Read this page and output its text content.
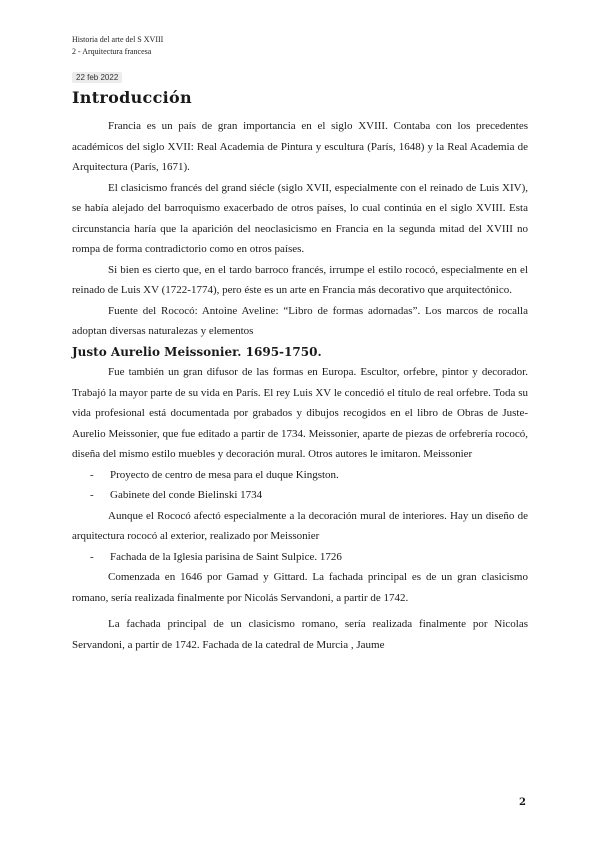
Historia del arte del S XVIII
2 - Arquitectura francesa
22 feb 2022
Introducción

Francia es un país de gran importancia en el siglo XVIII. Contaba con los precedentes académicos del siglo XVII: Real Academia de Pintura y escultura (París, 1648) y la Real Academia de Arquitectura (París, 1671).

El clasicismo francés del grand siécle (siglo XVII, especialmente con el reinado de Luis XIV), se había alejado del barroquismo exacerbado de otros países, lo cual continúa en el siglo XVIII. Esta circunstancia haría que la aparición del neoclasicismo en Francia en la segunda mitad del XVIII no rompa de forma contradictorio como en otros países.

Si bien es cierto que, en el tardo barroco francés, irrumpe el estilo rococó, especialmente en el reinado de Luis XV (1722-1774), pero éste es un arte en Francia más decorativo que arquitectónico.

Fuente del Rococó: Antoine Aveline: “Libro de formas adornadas”. Los marcos de rocalla adoptan diversas naturalezas y elementos

Justo Aurelio Meissonier. 1695-1750.

Fue también un gran difusor de las formas en Europa. Escultor, orfebre, pintor y decorador. Trabajó la mayor parte de su vida en París. El rey Luis XV le concedió el título de real orfebre. Toda su vida profesional está documentada por grabados y dibujos recogidos en el libro de Obras de Juste-Aurelio Meissonier, que fue editado a partir de 1734. Meissonier, aparte de piezas de orfebrería rococó, diseña del mismo estilo muebles y decoración mural. Otros autores le imitaron. Meissonier

- Proyecto de centro de mesa para el duque Kingston.

- Gabinete del conde Bielinski 1734

Aunque el Rococó afectó especialmente a la decoración mural de interiores. Hay un diseño de arquitectura rococó al exterior, realizado por Meissonier

- Fachada de la Iglesia parisina de Saint Sulpice. 1726

Comenzada en 1646 por Gamad y Gittard. La fachada principal es de un gran clasicismo romano, sería realizada finalmente por Nicolás Servandoni, a partir de 1742.

La fachada principal de un clasicismo romano, sería realizada finalmente por Nicolas Servandoni, a partir de 1742. Fachada de la catedral de Murcia , Jaume

2
